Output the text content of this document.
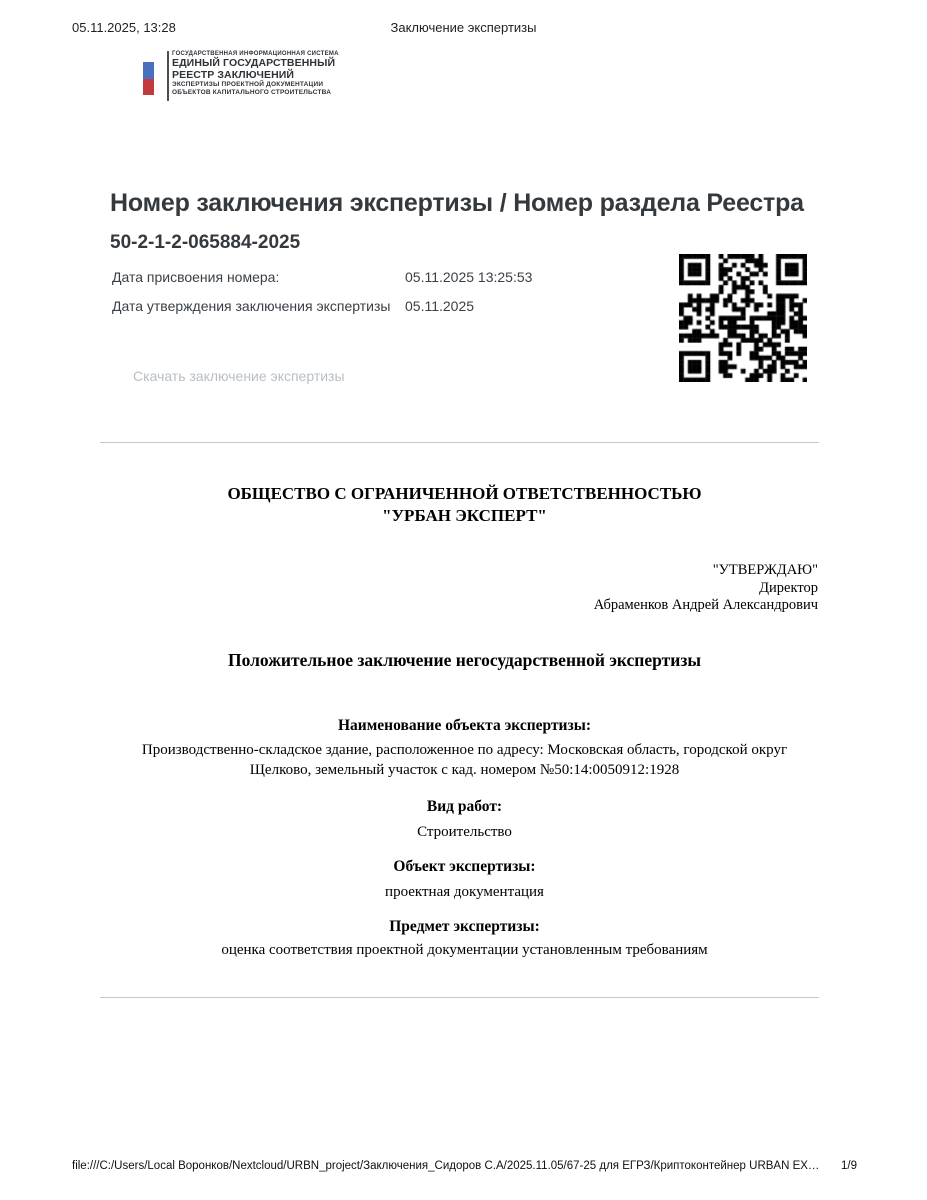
05.11.2025, 13:28	Заключение экспертизы
ГОСУДАРСТВЕННАЯ ИНФОРМАЦИОННАЯ СИСТЕМА
ЕДИНЫЙ ГОСУДАРСТВЕННЫЙ
РЕЕСТР ЗАКЛЮЧЕНИЙ
ЭКСПЕРТИЗЫ ПРОЕКТНОЙ ДОКУМЕНТАЦИИ
ОБЪЕКТОВ КАПИТАЛЬНОГО СТРОИТЕЛЬСТВА
Номер заключения экспертизы / Номер раздела Реестра
50-2-1-2-065884-2025
Дата присвоения номера:	05.11.2025 13:25:53
Дата утверждения заключения экспертизы	05.11.2025
Скачать заключение экспертизы
ОБЩЕСТВО С ОГРАНИЧЕННОЙ ОТВЕТСТВЕННОСТЬЮ
"УРБАН ЭКСПЕРТ"
"УТВЕРЖДАЮ"
Директор
Абраменков Андрей Александрович
Положительное заключение негосударственной экспертизы
Наименование объекта экспертизы:
Производственно-складское здание, расположенное по адресу: Московская область, городской округ Щелково, земельный участок с кад. номером №50:14:0050912:1928
Вид работ:
Строительство
Объект экспертизы:
проектная документация
Предмет экспертизы:
оценка соответствия проектной документации установленным требованиям
file:///C:/Users/Local Воронков/Nextcloud/URBN_project/Заключения_Сидоров С.А/2025.11.05/67-25 для ЕГРЗ/Криптоконтейнер URBAN EX… 1/9
